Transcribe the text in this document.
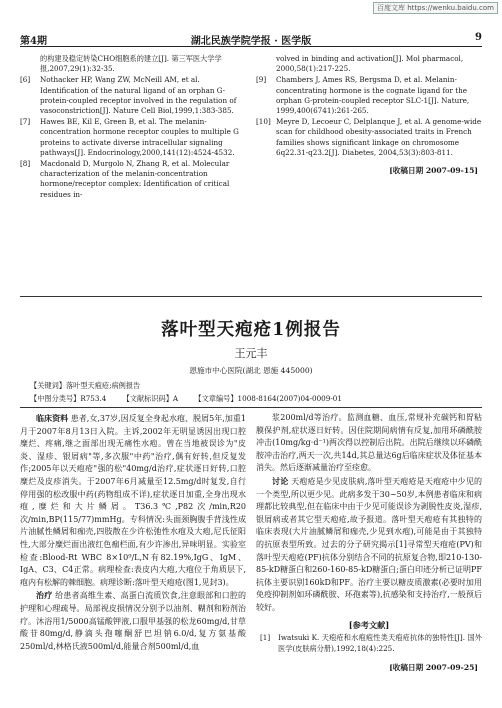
百度文库 https://wenku.baidu.com
第4期	湖北民族学院学报 · 医学版	9
的构建及稳定转染CHO细胞系的建立[J]. 第三军医大学学报,2007,29(1):32-35.
[6] Nothacker HP, Wang ZW, McNeill AM, et al. Identification of the natural ligand of an orphan G-protein-coupled receptor involved in the regulation of vasoconstriction[J]. Nature Cell Biol,1999,1:383-385.
[7] Hawes BE, Kil E, Green B, et al. The melanin-concentration hormone receptor couples to multiple G proteins to activate diverse intracellular signaling pathways[J]. Endocrinology,2000,141(12):4524-4532.
[8] Macdonald D, Murgolo N, Zhang R, et al. Molecular characterization of the melanin-concentration hormone/receptor complex: Identification of critical residues in-
volved in binding and activation[J]. Mol pharmacol, 2000,58(1):217-225.
[9] Chambers J, Ames RS, Bergsma D, et al. Melanin-concentrating hormone is the cognate ligand for the orphan G-protein-coupled receptor SLC-1[J]. Nature, 1999,400(6741):261-265.
[10] Meyre D, Lecoeur C, Delplanque J, et al. A genome-wide scan for childhood obesity-associated traits in French families shows significant linkage on chromosome 6q22.31-q23.2[J]. Diabetes, 2004,53(3):803-811.
[收稿日期 2007-09-15]
落叶型天疱疮1例报告
王元丰
恩施市中心医院(湖北 恩施 445000)
【关键词】落叶型天疱疮;病例报告
【中图分类号】R753.4 【文献标识码】A 【文章编号】1008-8164(2007)04-0009-01

临床资料 患者,女,37岁,因反复全身起水疱、脱屑5年,加重1月于2007年8月13日入院。主诉,2002年无明显诱因出现口腔糜烂、疼痛,继之面部出现无痛性水疱。曾在当地被误诊为"皮炎、湿疹、银屑病"等,多次服"中药"治疗,偶有好转,但反复发作;2005年以天疱疮"强的松"40mg/d治疗,症状逐日好转,口腔糜烂及皮疹消失。于2007年6月减量至12.5mg/d时复发,自行停用强的松改服中药(药物组成不详),症状逐日加重,全身出现水疱,糜烂和大片鳞屑。T36.3℃,P82次/min,R20次/min,BP(115/77)mmHg。专科情况:头面颈胸腹手背浅性成片油腻性鳞屑和痂壳,四肢散在少许松弛性水疱及大疱,尼氏征阳性,大部分糜烂面出液红色痂栏面,有少许渗出,异味明显。实验室检查:Blood-Rt WBC 8×10⁹/L,N有82.19%,IgG、IgM、IgA、C3、C4正常。病理检查:表皮内大疱,大疱位于角质层下,疱内有松解的棘细胞。病理诊断:落叶型天疱疮(图1,见封3)。

治疗 给患者高维生素、高蛋白流质饮食,注意眼部和口腔的护理和心理疏导。局部视皮损情况分别予以油剂、糊剂和粉剂治疗。沐浴用1/5000高锰酸钾液,口服甲基强的松龙60mg/d,甘草酸苷80mg/d,静滴头孢噻酮舒巴坦钠6.0/d,复方氨基酸250ml/d,林格氏液500ml/d,能量合剂500ml/d,血

浆200ml/d等治疗。监测血糖、血压,常规补充碳钙和胃粘膜保护剂,症状逐日好转。因住院期间病情有反复,加用环磷酰胺冲击(10mg/kg·d⁻¹)两次得以控制后出院。出院后继续以环磷酰胺冲击治疗,两天一次,共14d,其总量达6g后临床症状及体征基本消失。然后逐渐减量治疗至痊愈。

讨论 天疱疮是少见皮肤病,落叶型天疱疮是天疱疮中少见的一个类型,所以更少见。此病多发于30~50岁,本例患者临床和病理都比较典型,但在临床中由于少见可能误诊为剥脱性皮炎,湿疹,银屑病或者其它型天疱疮,故予报道。落叶型天疱疮有其独特的临床表现(大片油腻鳞屑和痂壳,少见到水疱),可能是由于其独特的抗原表型所致。过去的分子研究揭示[1]寻常型天疱疮(PV)和落叶型天疱疮(PF)抗体分别结合不同的抗原复合物,即210-130-85-kD糖蛋白和260-160-85-kD糖蛋白;蛋白印迹分析已证明PF抗体主要识别160kD和PF。治疗主要以糖皮质激素(必要时加用免疫抑制剂如环磷酰胺、环孢素等),抗感染和支持治疗,一般预后较好。

[参考文献]
[1] Iwatsuki K. 天疱疮和水疱疱性类天疱疮抗体的独特性[J]. 国外医学(皮肤病分册),1992,18(4):225.
[收稿日期 2007-09-25]
